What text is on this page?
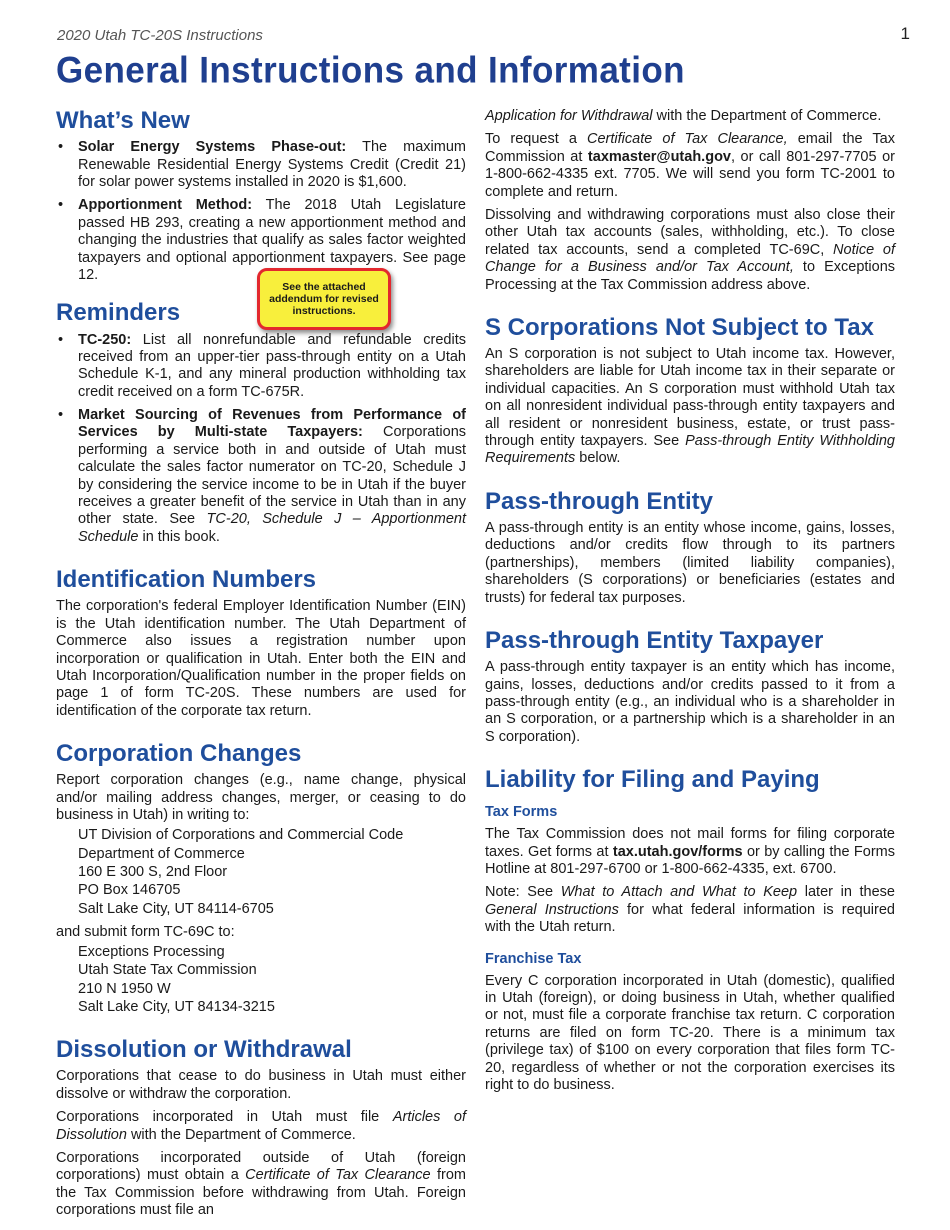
2020 Utah TC-20S Instructions	1
General Instructions and Information
What’s New
• Solar Energy Systems Phase-out: The maximum Renewable Residential Energy Systems Credit (Credit 21) for solar power systems installed in 2020 is $1,600.
• Apportionment Method: The 2018 Utah Legislature passed HB 293, creating a new apportionment method and changing the industries that qualify as sales factor weighted taxpayers and optional apportionment taxpayers. See page 12.
Reminders
• TC-250: List all nonrefundable and refundable credits received from an upper-tier pass-through entity on a Utah Schedule K-1, and any mineral production withholding tax credit received on a form TC-675R.
• Market Sourcing of Revenues from Performance of Services by Multi-state Taxpayers: Corporations performing a service both in and outside of Utah must calculate the sales factor numerator on TC-20, Schedule J by considering the service income to be in Utah if the buyer receives a greater benefit of the service in Utah than in any other state. See TC-20, Schedule J – Apportionment Schedule in this book.
Identification Numbers

The corporation's federal Employer Identification Number (EIN) is the Utah identification number. The Utah Department of Commerce also issues a registration number upon incorporation or qualification in Utah. Enter both the EIN and Utah Incorporation/Qualification number in the proper fields on page 1 of form TC-20S. These numbers are used for identification of the corporate tax return.

Corporation Changes

Report corporation changes (e.g., name change, physical and/or mailing address changes, merger, or ceasing to do business in Utah) in writing to:

UT Division of Corporations and Commercial Code
Department of Commerce
160 E 300 S, 2nd Floor
PO Box 146705
Salt Lake City, UT 84114-6705

and submit form TC-69C to:

Exceptions Processing
Utah State Tax Commission
210 N 1950 W
Salt Lake City, UT 84134-3215
Dissolution or Withdrawal

Corporations that cease to do business in Utah must either dissolve or withdraw the corporation.

Corporations incorporated in Utah must file Articles of Dissolution with the Department of Commerce.

Corporations incorporated outside of Utah (foreign corporations) must obtain a Certificate of Tax Clearance from the Tax Commission before withdrawing from Utah. Foreign corporations must file an

See the attached addendum for revised instructions.

Application for Withdrawal with the Department of Commerce.

To request a Certificate of Tax Clearance, email the Tax Commission at taxmaster@utah.gov, or call 801-297-7705 or 1-800-662-4335 ext. 7705. We will send you form TC-2001 to complete and return.

Dissolving and withdrawing corporations must also close their other Utah tax accounts (sales, withholding, etc.). To close related tax accounts, send a completed TC-69C, Notice of Change for a Business and/or Tax Account, to Exceptions Processing at the Tax Commission address above.

S Corporations Not Subject to Tax

An S corporation is not subject to Utah income tax. However, shareholders are liable for Utah income tax in their separate or individual capacities. An S corporation must withhold Utah tax on all nonresident individual pass-through entity taxpayers and all resident or nonresident business, estate, or trust pass-through entity taxpayers. See Pass-through Entity Withholding Requirements below.

Pass-through Entity

A pass-through entity is an entity whose income, gains, losses, deductions and/or credits flow through to its partners (partnerships), members (limited liability companies), shareholders (S corporations) or beneficiaries (estates and trusts) for federal tax purposes.

Pass-through Entity Taxpayer

A pass-through entity taxpayer is an entity which has income, gains, losses, deductions and/or credits passed to it from a pass-through entity (e.g., an individual who is a shareholder in an S corporation, or a partnership which is a shareholder in an S corporation).

Liability for Filing and Paying
Tax Forms

The Tax Commission does not mail forms for filing corporate taxes. Get forms at tax.utah.gov/forms or by calling the Forms Hotline at 801-297-6700 or 1-800-662-4335, ext. 6700.

Note: See What to Attach and What to Keep later in these General Instructions for what federal information is required with the Utah return.

Franchise Tax

Every C corporation incorporated in Utah (domestic), qualified in Utah (foreign), or doing business in Utah, whether qualified or not, must file a corporate franchise tax return. C corporation returns are filed on form TC-20. There is a minimum tax (privilege tax) of $100 on every corporation that files form TC-20, regardless of whether or not the corporation exercises its right to do business.
